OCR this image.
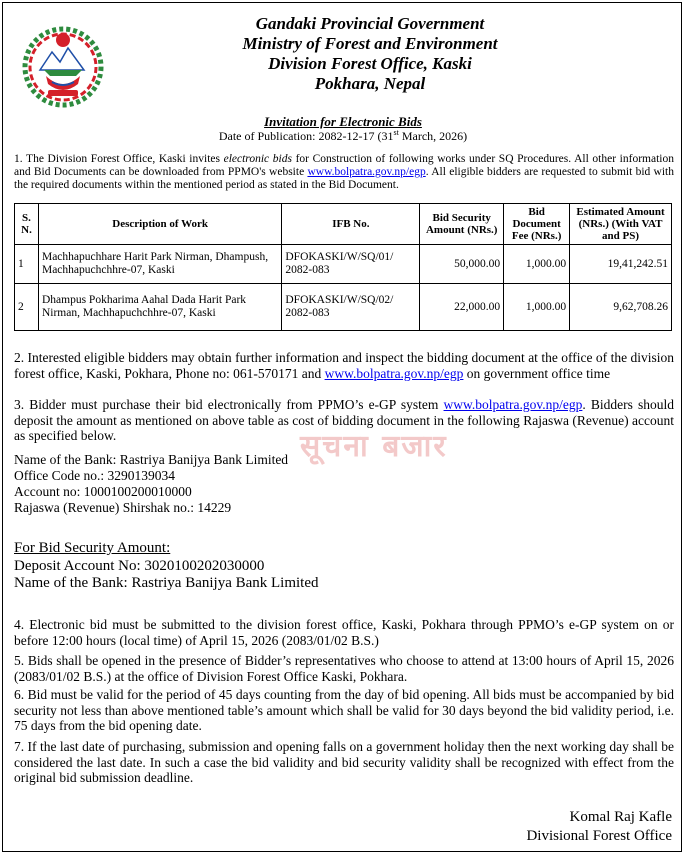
Gandaki Provincial Government
Ministry of Forest and Environment
Division Forest Office, Kaski
Pokhara, Nepal
Invitation for Electronic Bids
Date of Publication: 2082-12-17 (31st March, 2026)
1. The Division Forest Office, Kaski invites electronic bids for Construction of following works under SQ Procedures. All other information and Bid Documents can be downloaded from PPMO's website www.bolpatra.gov.np/egp. All eligible bidders are requested to submit bid with the required documents within the mentioned period as stated in the Bid Document.
S. N.	Description of Work	IFB No.	Bid Security Amount (NRs.)	Bid Document Fee (NRs.)	Estimated Amount (NRs.) (With VAT and PS)
1	Machhapuchhare Harit Park Nirman, Dhampush, Machhapuchchhre-07, Kaski	DFOKASKI/W/SQ/01/ 2082-083	50,000.00	1,000.00	19,41,242.51
2	Dhampus Pokharima Aahal Dada Harit Park Nirman, Machhapuchchhre-07, Kaski	DFOKASKI/W/SQ/02/ 2082-083	22,000.00	1,000.00	9,62,708.26
सूचना बजार
2. Interested eligible bidders may obtain further information and inspect the bidding document at the office of the division forest office, Kaski, Pokhara, Phone no: 061-570171 and www.bolpatra.gov.np/egp on government office time
3. Bidder must purchase their bid electronically from PPMO’s e-GP system www.bolpatra.gov.np/egp. Bidders should deposit the amount as mentioned on above table as cost of bidding document in the following Rajaswa (Revenue) account as specified below.
Name of the Bank: Rastriya Banijya Bank Limited
Office Code no.: 3290139034
Account no: 1000100200010000
Rajaswa (Revenue) Shirshak no.: 14229
For Bid Security Amount:
Deposit Account No: 3020100202030000
Name of the Bank: Rastriya Banijya Bank Limited
4. Electronic bid must be submitted to the division forest office, Kaski, Pokhara through PPMO’s e-GP system on or before 12:00 hours (local time) of April 15, 2026 (2083/01/02 B.S.)
5. Bids shall be opened in the presence of Bidder’s representatives who choose to attend at 13:00 hours of April 15, 2026 (2083/01/02 B.S.) at the office of Division Forest Office Kaski, Pokhara.
6. Bid must be valid for the period of 45 days counting from the day of bid opening. All bids must be accompanied by bid security not less than above mentioned table’s amount which shall be valid for 30 days beyond the bid validity period, i.e. 75 days from the bid opening date.
7. If the last date of purchasing, submission and opening falls on a government holiday then the next working day shall be considered the last date. In such a case the bid validity and bid security validity shall be recognized with effect from the original bid submission deadline.
Komal Raj Kafle
Divisional Forest Office
